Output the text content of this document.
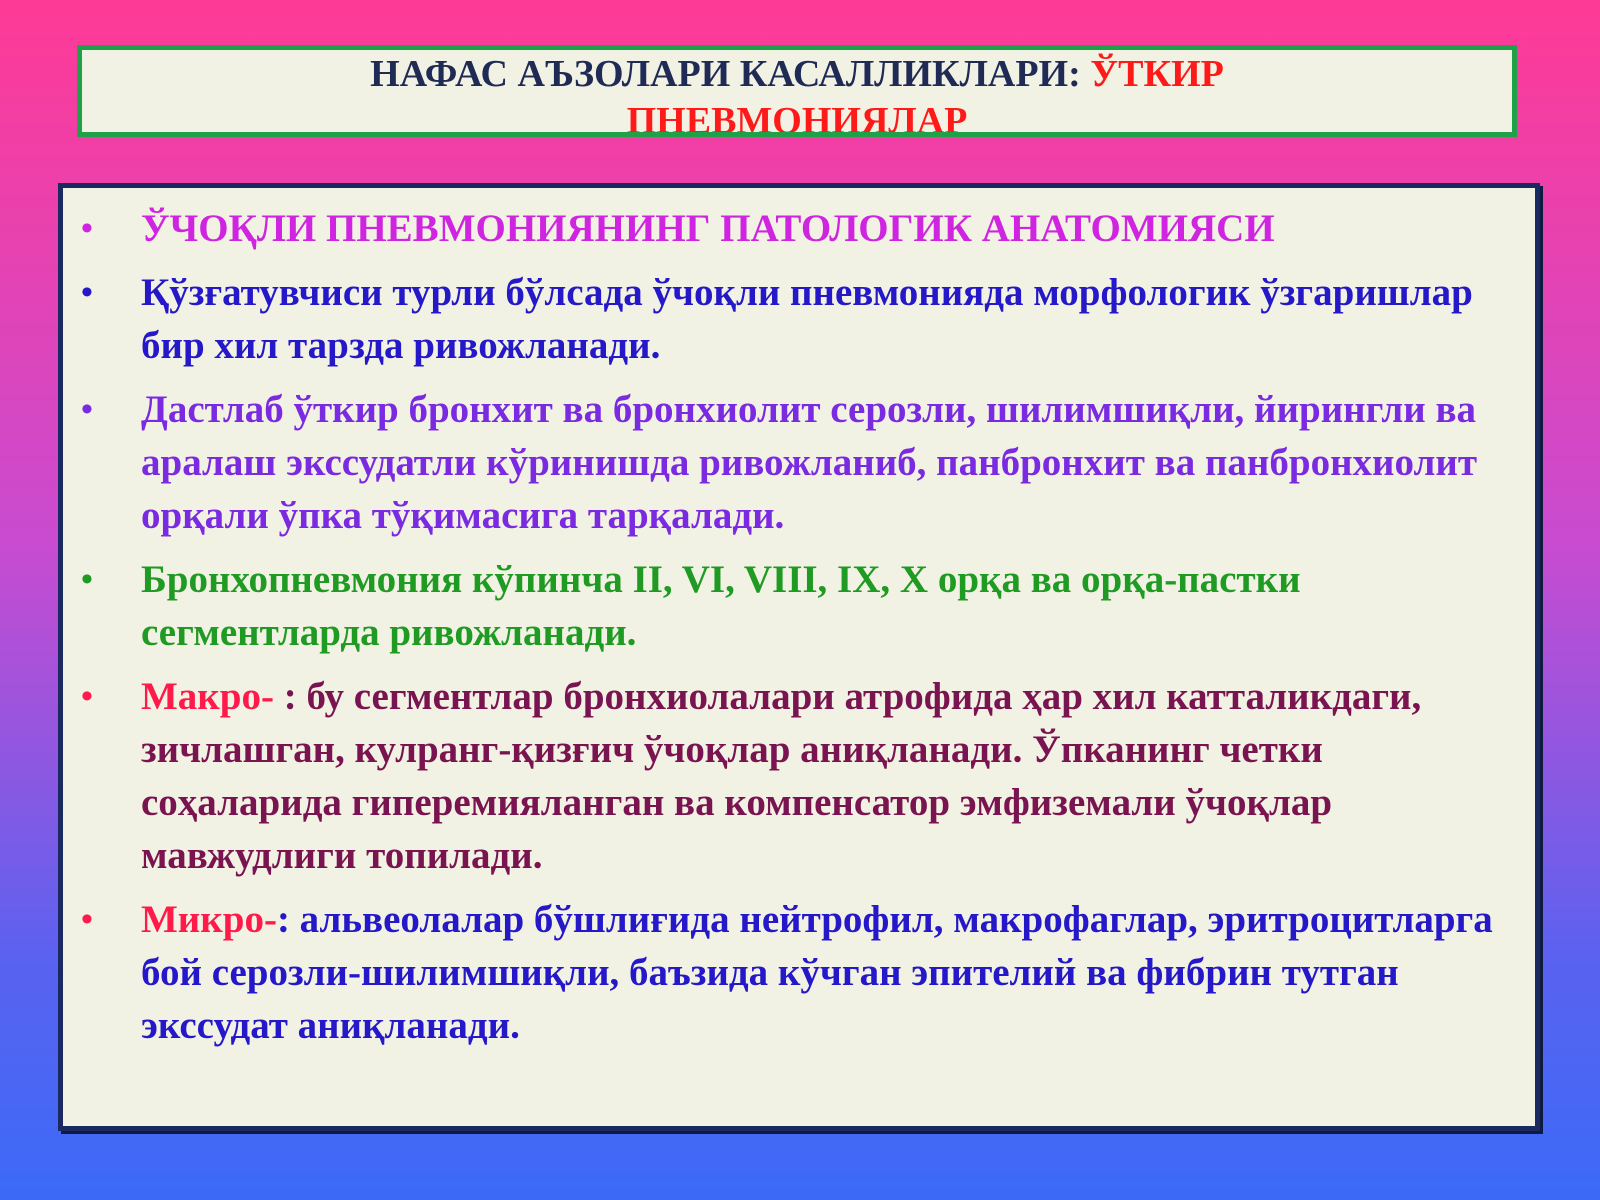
НАФАС АЪЗОЛАРИ КАСАЛЛИКЛАРИ: ЎТКИР
ПНЕВМОНИЯЛАР
• ЎЧОҚЛИ ПНЕВМОНИЯНИНГ ПАТОЛОГИК АНАТОМИЯСИ
• Қўзғатувчиси турли бўлсада ўчоқли пневмонияда морфологик ўзгаришлар бир хил тарзда ривожланади.
• Дастлаб ўткир бронхит ва бронхиолит серозли, шилимшиқли, йирингли ва аралаш экссудатли кўринишда ривожланиб, панбронхит ва панбронхиолит орқали ўпка тўқимасига тарқалади.
• Бронхопневмония кўпинча II, VI, VIII, IX, X орқа ва орқа-пастки сегментларда ривожланади.
• Макро- : бу сегментлар бронхиолалари атрофида ҳар хил катталикдаги, зичлашган, кулранг-қизғич ўчоқлар аниқланади. Ўпканинг четки соҳаларида гиперемияланган ва компенсатор эмфиземали ўчоқлар мавжудлиги топилади.
• Микро-: альвеолалар бўшлиғида нейтрофил, макрофаглар, эритроцитларга бой серозли-шилимшиқли, баъзида кўчган эпителий ва фибрин тутган экссудат аниқланади.
